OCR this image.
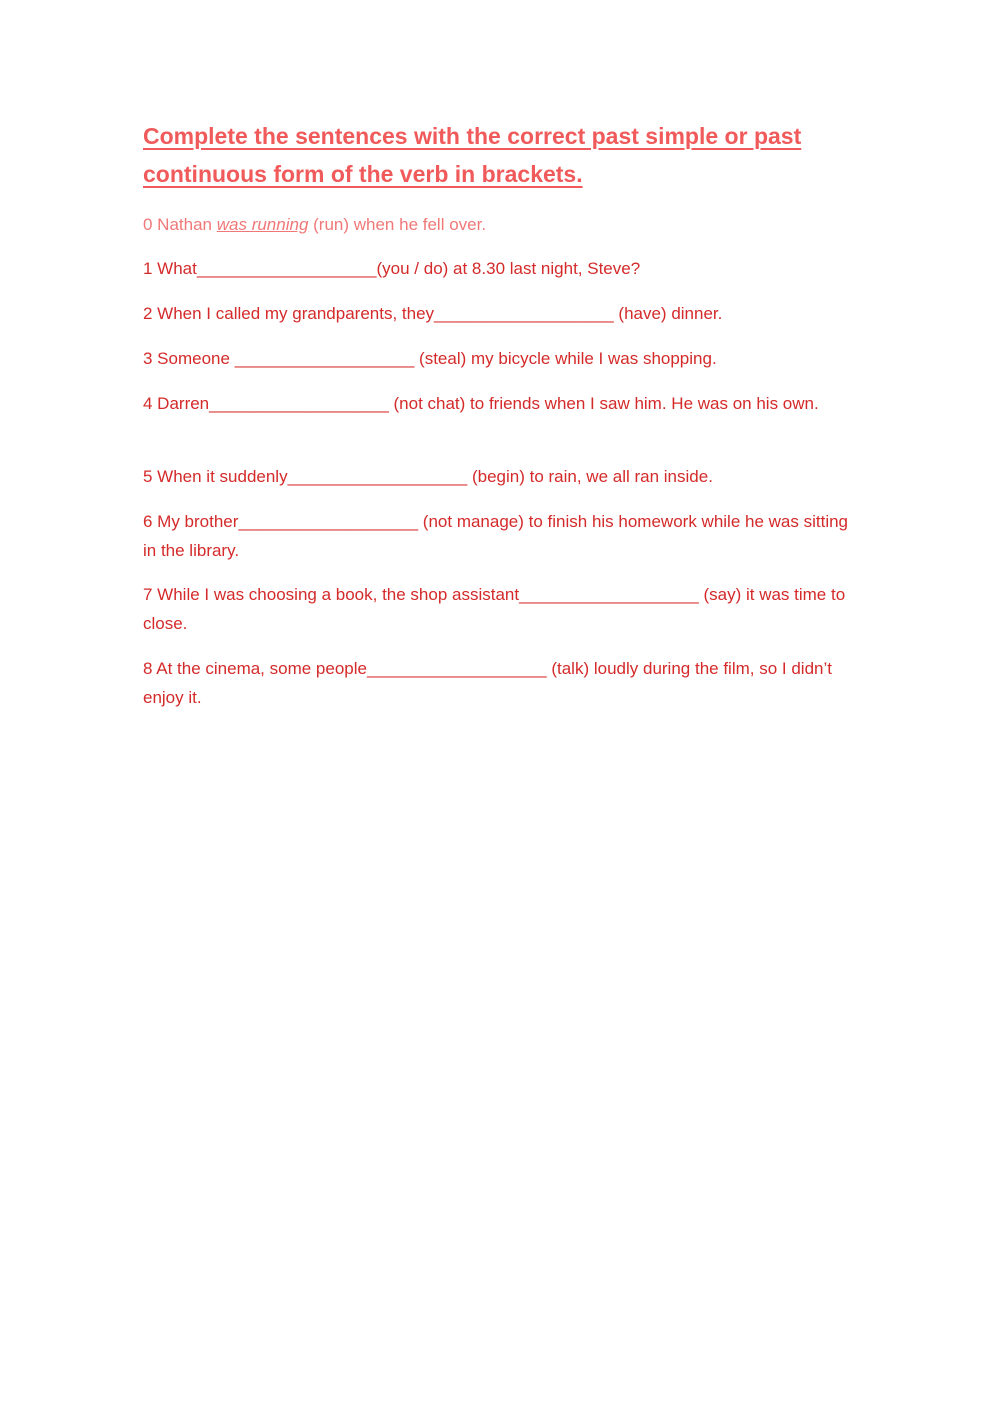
Complete the sentences with the correct past simple or past continuous form of the verb in brackets.

0 Nathan was running (run) when he fell over.

1 What___________________(you / do) at 8.30 last night, Steve?

2 When I called my grandparents, they___________________ (have) dinner.

3 Someone ___________________ (steal) my bicycle while I was shopping.

4 Darren___________________ (not chat) to friends when I saw him. He was on his own.

5 When it suddenly___________________ (begin) to rain, we all ran inside.

6 My brother___________________ (not manage) to finish his homework while he was sitting in the library.

7 While I was choosing a book, the shop assistant___________________ (say) it was time to close.

8 At the cinema, some people___________________ (talk) loudly during the film, so I didn’t enjoy it.
